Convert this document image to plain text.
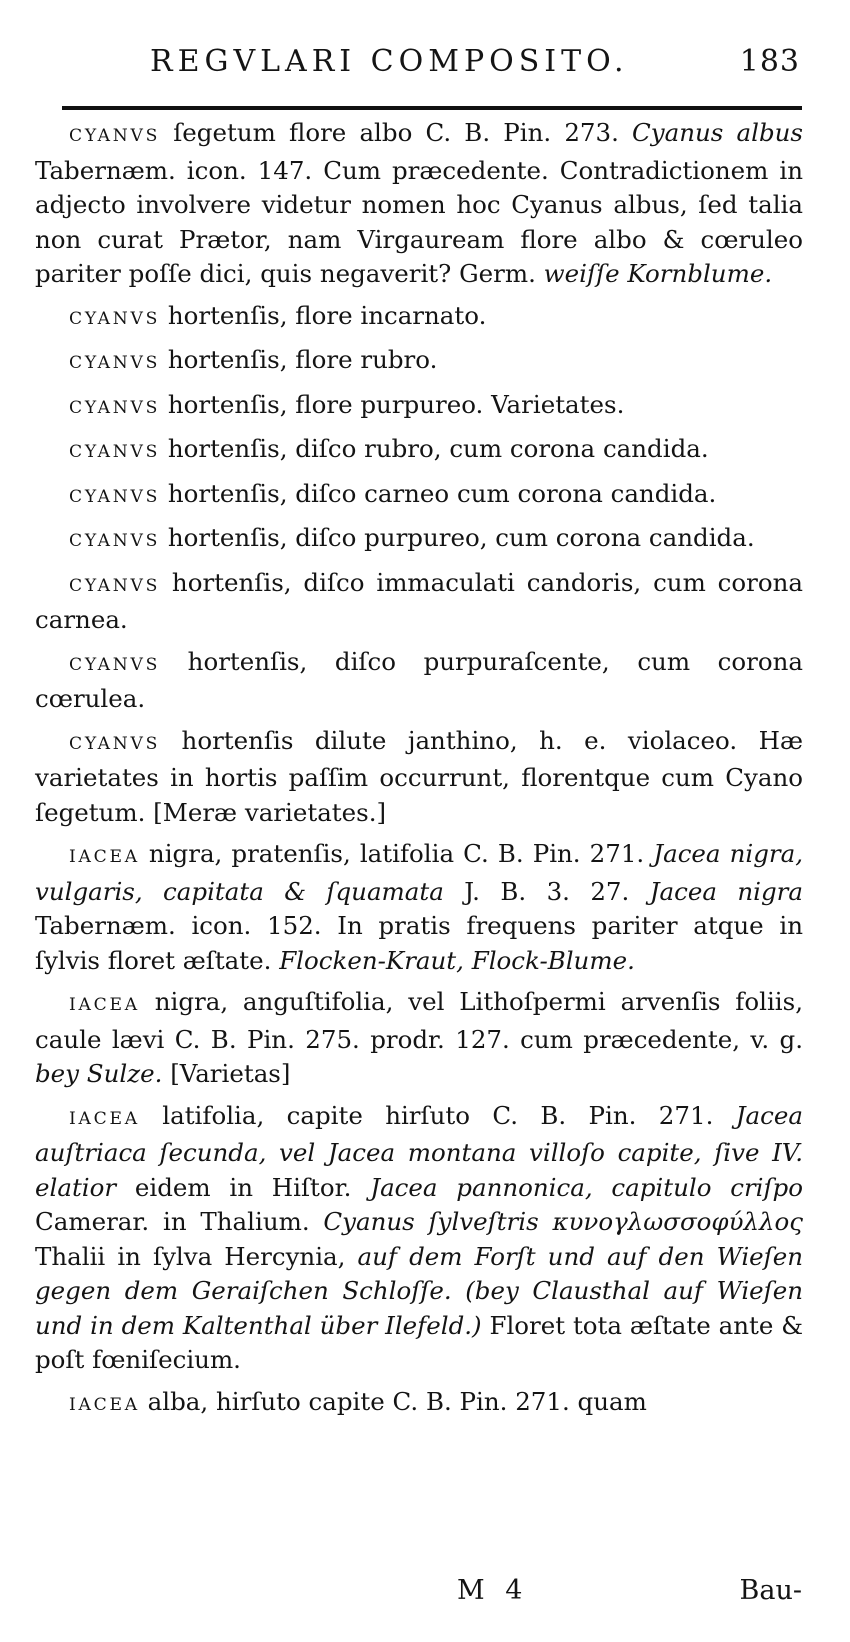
REGVLARI COMPOSITO.	183

CYANVS ſegetum flore albo C. B. Pin. 273. Cyanus albus Tabernæm. icon. 147. Cum præcedente. Contradictionem in adjecto involvere videtur nomen hoc Cyanus albus, ſed talia non curat Prætor, nam Virgauream flore albo & cœruleo pariter poſſe dici, quis negaverit? Germ. weiſſe Kornblume.

CYANVS hortenſis, flore incarnato.

CYANVS hortenſis, flore rubro.

CYANVS hortenſis, flore purpureo. Varietates.

CYANVS hortenſis, diſco rubro, cum corona candida.

CYANVS hortenſis, diſco carneo cum corona candida.

CYANVS hortenſis, diſco purpureo, cum corona candida.

CYANVS hortenſis, diſco immaculati candoris, cum corona carnea.

CYANVS hortenſis, diſco purpuraſcente, cum corona cœrulea.

CYANVS hortenſis dilute janthino, h. e. violaceo. Hæ varietates in hortis paſſim occurrunt, florentque cum Cyano ſegetum. [Meræ varietates.]

IACEA nigra, pratenſis, latifolia C. B. Pin. 271. Jacea nigra, vulgaris, capitata & ſquamata J. B. 3. 27. Jacea nigra Tabernæm. icon. 152. In pratis frequens pariter atque in ſylvis floret æſtate. Flocken-Kraut, Flock-Blume.

IACEA nigra, anguſtifolia, vel Lithoſpermi arvenſis foliis, caule lævi C. B. Pin. 275. prodr. 127. cum præcedente, v. g. bey Sulze. [Varietas]

IACEA latifolia, capite hirſuto C. B. Pin. 271. Jacea auſtriaca ſecunda, vel Jacea montana villoſo capite, ſive IV. elatior eidem in Hiſtor. Jacea pannonica, capitulo criſpo Camerar. in Thalium. Cyanus ſylveſtris κυνογλωσσοφύλλος Thalii in ſylva Hercynia, auf dem Forſt und auf den Wieſen gegen dem Geraiſchen Schloſſe. (bey Clausthal auf Wieſen und in dem Kaltenthal über Ilefeld.) Floret tota æſtate ante & poſt fœniſecium.

IACEA alba, hirſuto capite C. B. Pin. 271. quam

M 4	Bau-
